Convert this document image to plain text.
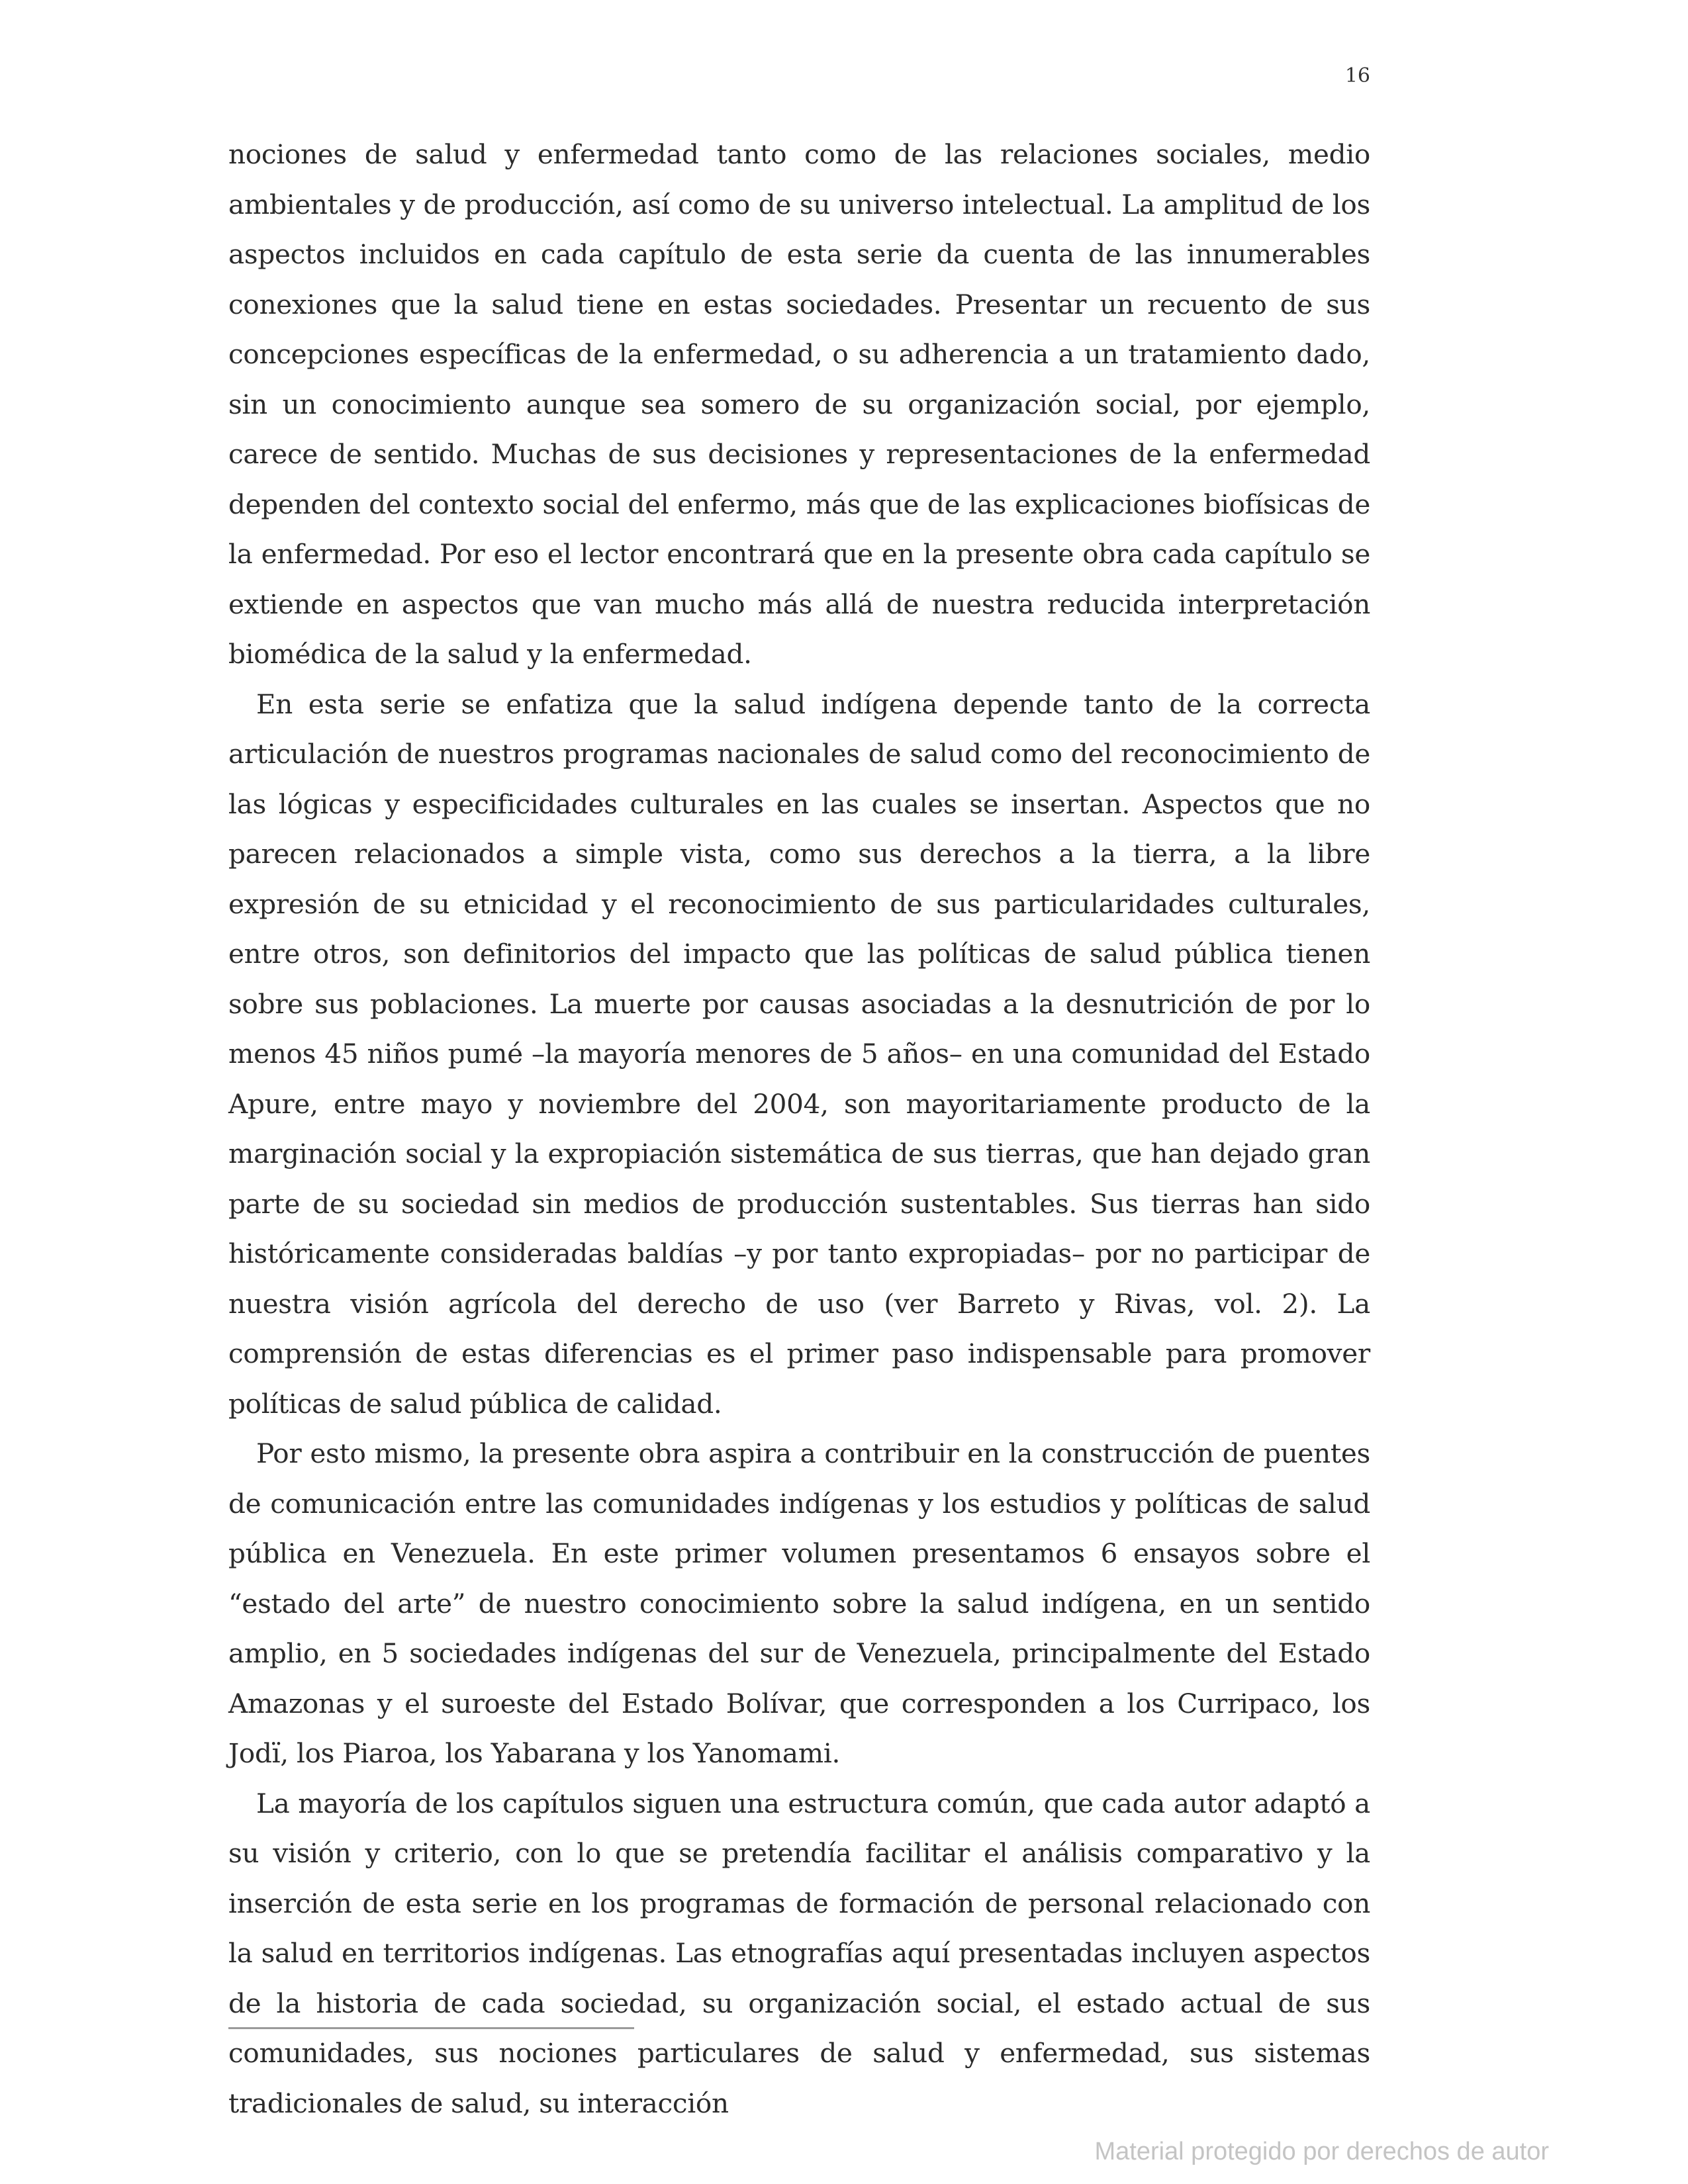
16

nociones de salud y enfermedad tanto como de las relaciones sociales, medio ambientales y de producción, así como de su universo intelectual. La amplitud de los aspectos incluidos en cada capítulo de esta serie da cuenta de las innumerables conexiones que la salud tiene en estas sociedades. Presentar un recuento de sus concepciones específicas de la enfermedad, o su adherencia a un tratamiento dado, sin un conocimiento aunque sea somero de su organización social, por ejemplo, carece de sentido. Muchas de sus decisiones y representaciones de la enfermedad dependen del contexto social del enfermo, más que de las explicaciones biofísicas de la enfermedad. Por eso el lector encontrará que en la presente obra cada capítulo se extiende en aspectos que van mucho más allá de nuestra reducida interpretación biomédica de la salud y la enfermedad.

En esta serie se enfatiza que la salud indígena depende tanto de la correcta articulación de nuestros programas nacionales de salud como del reconocimiento de las lógicas y especificidades culturales en las cuales se insertan. Aspectos que no parecen relacionados a simple vista, como sus derechos a la tierra, a la libre expresión de su etnicidad y el reconocimiento de sus particularidades culturales, entre otros, son definitorios del impacto que las políticas de salud pública tienen sobre sus poblaciones. La muerte por causas asociadas a la desnutrición de por lo menos 45 niños pumé –la mayoría menores de 5 años– en una comunidad del Estado Apure, entre mayo y noviembre del 2004, son mayoritariamente producto de la marginación social y la expropiación sistemática de sus tierras, que han dejado gran parte de su sociedad sin medios de producción sustentables. Sus tierras han sido históricamente consideradas baldías –y por tanto expropiadas– por no participar de nuestra visión agrícola del derecho de uso (ver Barreto y Rivas, vol. 2). La comprensión de estas diferencias es el primer paso indispensable para promover políticas de salud pública de calidad.

Por esto mismo, la presente obra aspira a contribuir en la construcción de puentes de comunicación entre las comunidades indígenas y los estudios y políticas de salud pública en Venezuela. En este primer volumen presentamos 6 ensayos sobre el “estado del arte” de nuestro conocimiento sobre la salud indígena, en un sentido amplio, en 5 sociedades indígenas del sur de Venezuela, principalmente del Estado Amazonas y el suroeste del Estado Bolívar, que corresponden a los Curripaco, los Jodï, los Piaroa, los Yabarana y los Yanomami.

La mayoría de los capítulos siguen una estructura común, que cada autor adaptó a su visión y criterio, con lo que se pretendía facilitar el análisis comparativo y la inserción de esta serie en los programas de formación de personal relacionado con la salud en territorios indígenas. Las etnografías aquí presentadas incluyen aspectos de la historia de cada sociedad, su organización social, el estado actual de sus comunidades, sus nociones particulares de salud y enfermedad, sus sistemas tradicionales de salud, su interacción

Material protegido por derechos de autor
